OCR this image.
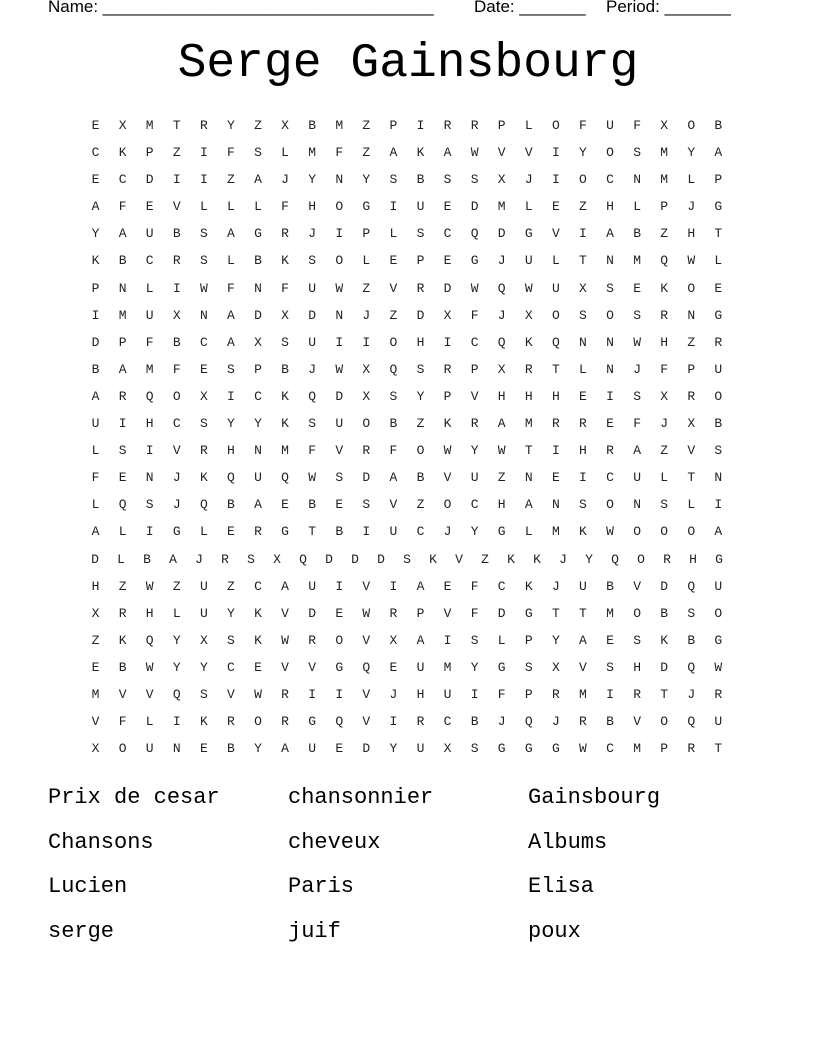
Name: ___________________________________ Date: _______ Period: _______
Serge Gainsbourg
E	X	M	T	R	Y	Z	X	B	M	Z	P	I	R	R	P	L	O	F	U	F	X	O	B
C	K	P	Z	I	F	S	L	M	F	Z	A	K	A	W	V	V	I	Y	O	S	M	Y	A
E	C	D	I	I	Z	A	J	Y	N	Y	S	B	S	S	X	J	I	O	C	N	M	L	P
A	F	E	V	L	L	L	F	H	O	G	I	U	E	D	M	L	E	Z	H	L	P	J	G
Y	A	U	B	S	A	G	R	J	I	P	L	S	C	Q	D	G	V	I	A	B	Z	H	T
K	B	C	R	S	L	B	K	S	O	L	E	P	E	G	J	U	L	T	N	M	Q	W	L
P	N	L	I	W	F	N	F	U	W	Z	V	R	D	W	Q	W	U	X	S	E	K	O	E
I	M	U	X	N	A	D	X	D	N	J	Z	D	X	F	J	X	O	S	O	S	R	N	G
D	P	F	B	C	A	X	S	U	I	I	O	H	I	C	Q	K	Q	N	N	W	H	Z	R
B	A	M	F	E	S	P	B	J	W	X	Q	S	R	P	X	R	T	L	N	J	F	P	U
A	R	Q	O	X	I	C	K	Q	D	X	S	Y	P	V	H	H	H	E	I	S	X	R	O
U	I	H	C	S	Y	Y	K	S	U	O	B	Z	K	R	A	M	R	R	E	F	J	X	B
L	S	I	V	R	H	N	M	F	V	R	F	O	W	Y	W	T	I	H	R	A	Z	V	S
F	E	N	J	K	Q	U	Q	W	S	D	A	B	V	U	Z	N	E	I	C	U	L	T	N
L	Q	S	J	Q	B	A	E	B	E	S	V	Z	O	C	H	A	N	S	O	N	S	L	I
A	L	I	G	L	E	R	G	T	B	I	U	C	J	Y	G	L	M	K	W	O	O	O	A
D	L	B	A	J	R	S	X	Q	D	D	D	S	K	V	Z	K	K	J	Y	Q	O	R	H	G
H	Z	W	Z	U	Z	C	A	U	I	V	I	A	E	F	C	K	J	U	B	V	D	Q	U
X	R	H	L	U	Y	K	V	D	E	W	R	P	V	F	D	G	T	T	M	O	B	S	O
Z	K	Q	Y	X	S	K	W	R	O	V	X	A	I	S	L	P	Y	A	E	S	K	B	G
E	B	W	Y	Y	C	E	V	V	G	Q	E	U	M	Y	G	S	X	V	S	H	D	Q	W
M	V	V	Q	S	V	W	R	I	I	V	J	H	U	I	F	P	R	M	I	R	T	J	R
V	F	L	I	K	R	O	R	G	Q	V	I	R	C	B	J	Q	J	R	B	V	O	Q	U
X	O	U	N	E	B	Y	A	U	E	D	Y	U	X	S	G	G	G	W	C	M	P	R	T
Prix de cesar	chansonnier	Gainsbourg
Chansons	cheveux	Albums
Lucien	Paris	Elisa
serge	juif	poux
